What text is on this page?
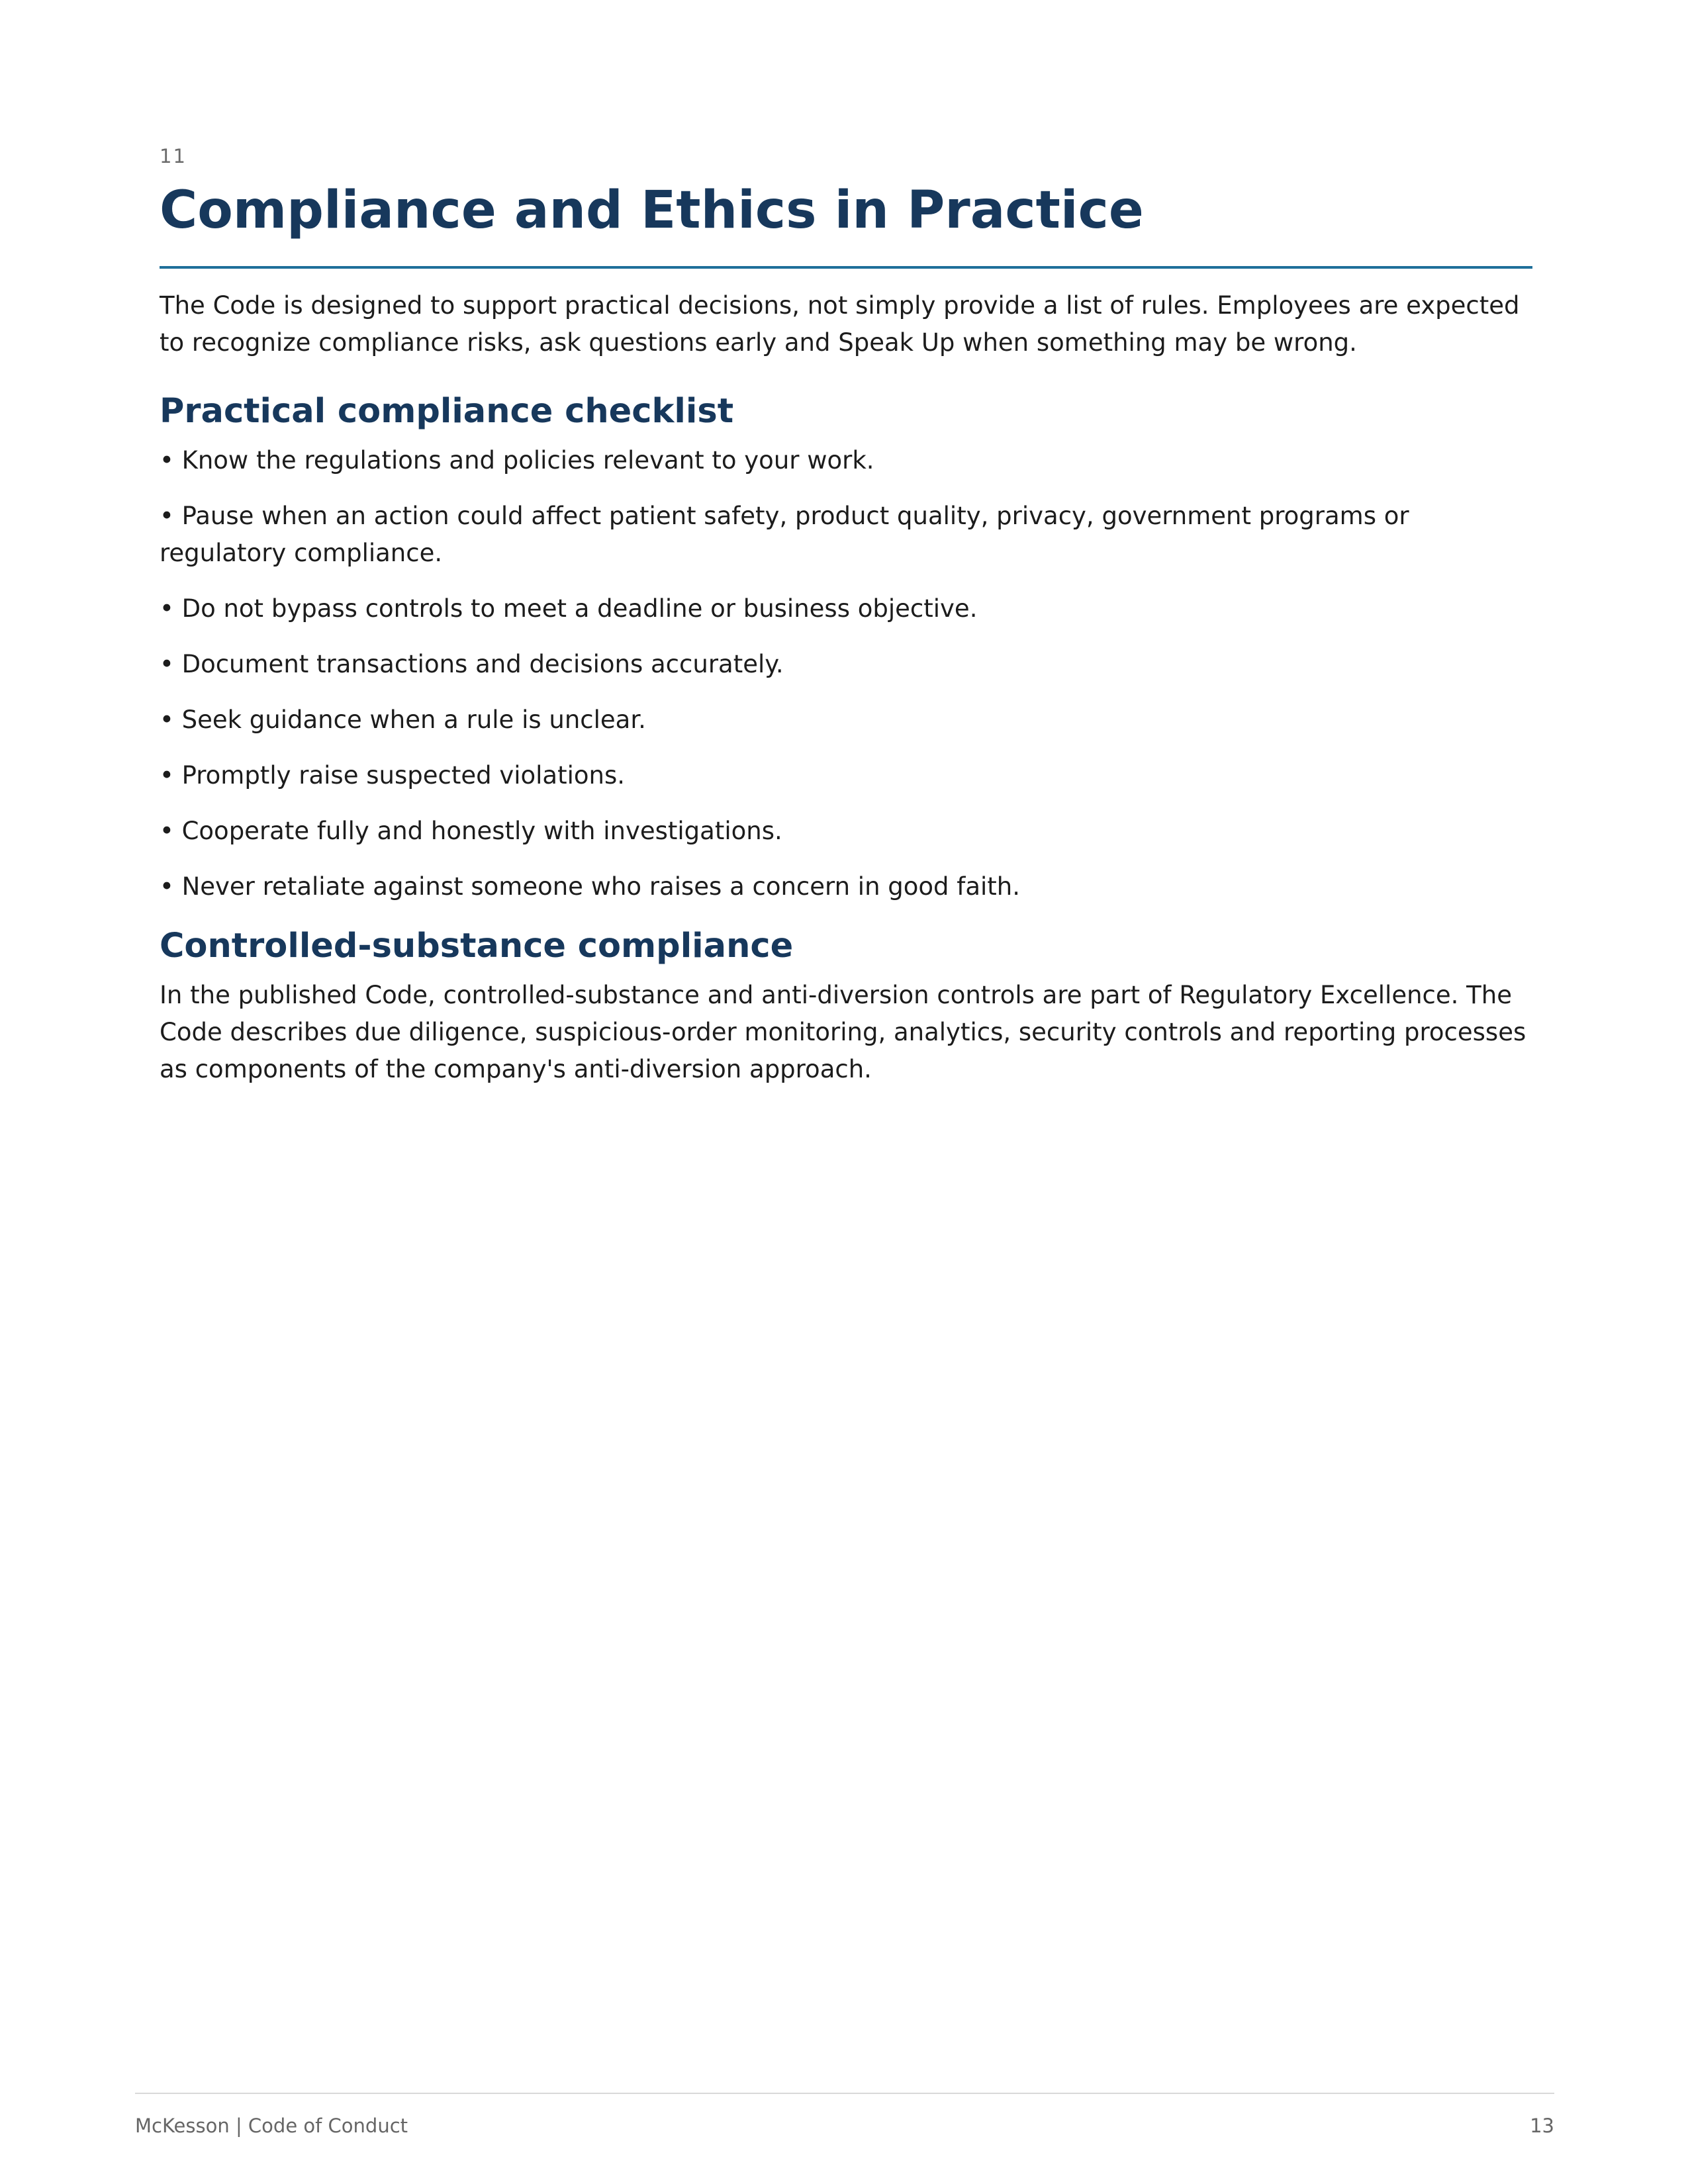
11

Compliance and Ethics in Practice

The Code is designed to support practical decisions, not simply provide a list of rules. Employees are expected to recognize compliance risks, ask questions early and Speak Up when something may be wrong.

Practical compliance checklist
• Know the regulations and policies relevant to your work.
• Pause when an action could affect patient safety, product quality, privacy, government programs or regulatory compliance.
• Do not bypass controls to meet a deadline or business objective.
• Document transactions and decisions accurately.
• Seek guidance when a rule is unclear.
• Promptly raise suspected violations.
• Cooperate fully and honestly with investigations.
• Never retaliate against someone who raises a concern in good faith.
Controlled-substance compliance

In the published Code, controlled-substance and anti-diversion controls are part of Regulatory Excellence. The Code describes due diligence, suspicious-order monitoring, analytics, security controls and reporting processes as components of the company's anti-diversion approach.

McKesson | Code of Conduct	13
